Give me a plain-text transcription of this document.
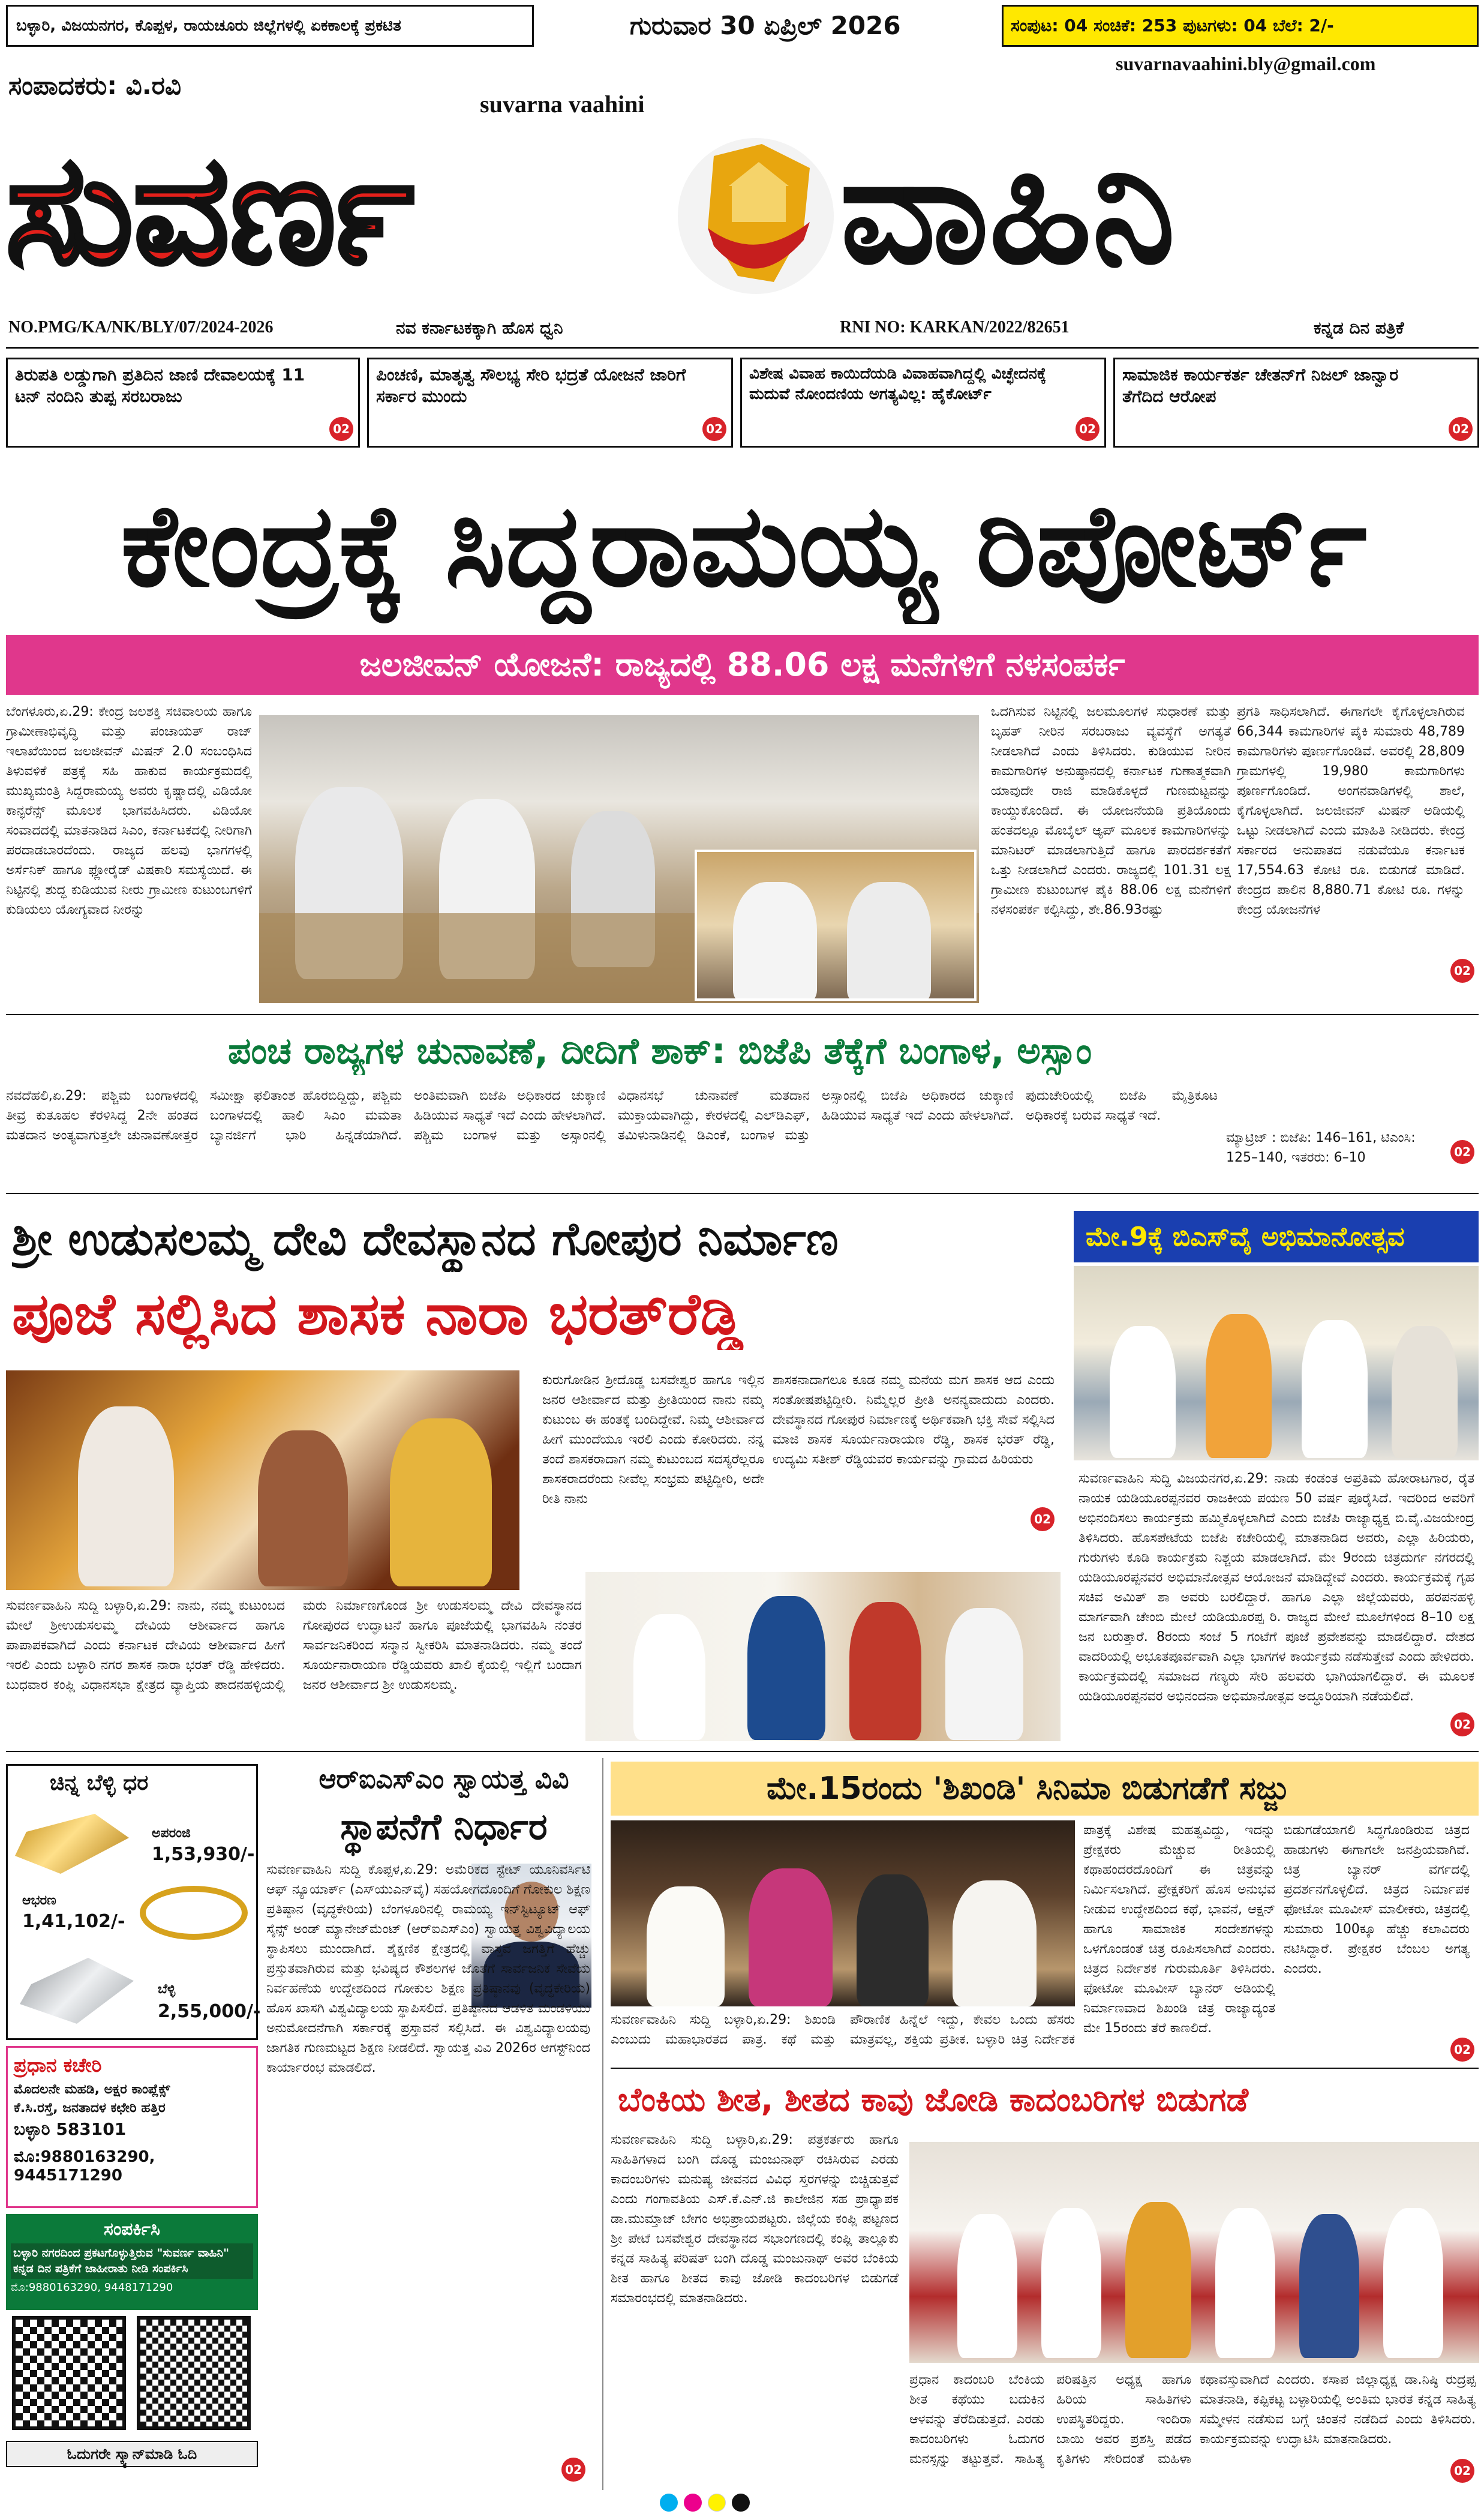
ಬಳ್ಳಾರಿ, ವಿಜಯನಗರ, ಕೊಪ್ಪಳ, ರಾಯಚೂರು ಜಿಲ್ಲೆಗಳಲ್ಲಿ ಏಕಕಾಲಕ್ಕೆ ಪ್ರಕಟಿತ	ಗುರುವಾರ 30 ಏಪ್ರಿಲ್ 2026	ಸಂಪುಟ: 04 ಸಂಚಿಕೆ: 253 ಪುಟಗಳು: 04 ಬೆಲೆ: 2/-
suvarnavaahini.bly@gmail.com
ಸಂಪಾದಕರು: ವಿ.ರವಿ
suvarna vaahini
ಸುವರ್ಣ	ವಾಹಿನಿ
NO.PMG/KA/NK/BLY/07/2024-2026	ನವ ಕರ್ನಾಟಕಕ್ಕಾಗಿ ಹೊಸ ಧ್ವನಿ	RNI NO: KARKAN/2022/82651	ಕನ್ನಡ ದಿನ ಪತ್ರಿಕೆ
ತಿರುಪತಿ ಲಡ್ಡುಗಾಗಿ ಪ್ರತಿದಿನ ಜಾಣಿ ದೇವಾಲಯಕ್ಕೆ 11 ಟನ್ ನಂದಿನಿ ತುಪ್ಪ ಸರಬರಾಜು
02
ಪಿಂಚಣಿ, ಮಾತೃತ್ವ ಸೌಲಭ್ಯ ಸೇರಿ ಭದ್ರತೆ ಯೋಜನೆ ಜಾರಿಗೆ ಸರ್ಕಾರ ಮುಂದು
02
ವಿಶೇಷ ವಿವಾಹ ಕಾಯಿದೆಯಡಿ ವಿವಾಹವಾಗಿದ್ದಲ್ಲಿ ವಿಚ್ಛೇದನಕ್ಕೆ ಮದುವೆ ನೋಂದಣಿಯ ಅಗತ್ಯವಿಲ್ಲ: ಹೈಕೋರ್ಟ್
02
ಸಾಮಾಜಿಕ ಕಾರ್ಯಕರ್ತ ಚೇತನ್‌ಗೆ ನಿಜಲ್ ಜಾನ್ವಾರ ತೆಗೆದಿದ ಆರೋಪ
02
ಕೇಂದ್ರಕ್ಕೆ ಸಿದ್ದರಾಮಯ್ಯ ರಿಪೋರ್ಟ್
ಜಲಜೀವನ್ ಯೋಜನೆ: ರಾಜ್ಯದಲ್ಲಿ 88.06 ಲಕ್ಷ ಮನೆಗಳಿಗೆ ನಳಸಂಪರ್ಕ
ಬೆಂಗಳೂರು,ಏ.29: ಕೇಂದ್ರ ಜಲಶಕ್ತಿ ಸಚಿವಾಲಯ ಹಾಗೂ ಗ್ರಾಮೀಣಾಭಿವೃದ್ಧಿ ಮತ್ತು ಪಂಚಾಯತ್ ರಾಜ್ ಇಲಾಖೆಯಿಂದ ಜಲಜೀವನ್ ಮಿಷನ್ 2.0 ಸಂಬಂಧಿಸಿದ ತಿಳುವಳಿಕೆ ಪತ್ರಕ್ಕೆ ಸಹಿ ಹಾಕುವ ಕಾರ್ಯಕ್ರಮದಲ್ಲಿ ಮುಖ್ಯಮಂತ್ರಿ ಸಿದ್ದರಾಮಯ್ಯ ಅವರು ಕೃಷ್ಣಾದಲ್ಲಿ ವಿಡಿಯೋ ಕಾನ್ಫರೆನ್ಸ್ ಮೂಲಕ ಭಾಗವಹಿಸಿದರು. ವಿಡಿಯೋ ಸಂವಾದದಲ್ಲಿ ಮಾತನಾಡಿದ ಸಿಎಂ, ಕರ್ನಾಟಕದಲ್ಲಿ ನೀರಿಗಾಗಿ ಪರದಾಡಬಾರದೆಂದು. ರಾಜ್ಯದ ಹಲವು ಭಾಗಗಳಲ್ಲಿ ಅರ್ಸೆನಿಕ್ ಹಾಗೂ ಫ್ಲೋರೈಡ್ ವಿಷಕಾರಿ ಸಮಸ್ಯೆಯಿದೆ. ಈ ನಿಟ್ಟಿನಲ್ಲಿ ಶುದ್ಧ ಕುಡಿಯುವ ನೀರು ಗ್ರಾಮೀಣ ಕುಟುಂಬಗಳಿಗೆ ಕುಡಿಯಲು ಯೋಗ್ಯವಾದ ನೀರನ್ನು
ಒದಗಿಸುವ ನಿಟ್ಟಿನಲ್ಲಿ ಜಲಮೂಲಗಳ ಸುಧಾರಣೆ ಮತ್ತು ಬೃಹತ್ ನೀರಿನ ಸರಬರಾಜು ವ್ಯವಸ್ಥೆಗೆ ಅಗತ್ಯತೆ ನೀಡಲಾಗಿದೆ ಎಂದು ತಿಳಿಸಿದರು. ಕುಡಿಯುವ ನೀರಿನ ಕಾಮಗಾರಿಗಳ ಅನುಷ್ಠಾನದಲ್ಲಿ ಕರ್ನಾಟಕ ಗುಣಾತ್ಮಕವಾಗಿ ಯಾವುದೇ ರಾಜಿ ಮಾಡಿಕೊಳ್ಳದೆ ಗುಣಮಟ್ಟವನ್ನು ಕಾಯ್ದುಕೊಂಡಿದೆ. ಈ ಯೋಜನೆಯಡಿ ಪ್ರತಿಯೊಂದು ಹಂತದಲ್ಲೂ ಮೊಬೈಲ್ ಆ್ಯಪ್ ಮೂಲಕ ಕಾಮಗಾರಿಗಳನ್ನು ಮಾನಿಟರ್ ಮಾಡಲಾಗುತ್ತಿದೆ ಹಾಗೂ ಪಾರದರ್ಶಕತೆಗೆ ಒತ್ತು ನೀಡಲಾಗಿದೆ ಎಂದರು. ರಾಜ್ಯದಲ್ಲಿ 101.31 ಲಕ್ಷ ಗ್ರಾಮೀಣ ಕುಟುಂಬಗಳ ಪೈಕಿ 88.06 ಲಕ್ಷ ಮನೆಗಳಿಗೆ ನಳಸಂಪರ್ಕ ಕಲ್ಪಿಸಿದ್ದು, ಶೇ.86.93ರಷ್ಟು
ಪ್ರಗತಿ ಸಾಧಿಸಲಾಗಿದೆ. ಈಗಾಗಲೇ ಕೈಗೊಳ್ಳಲಾಗಿರುವ 66,344 ಕಾಮಗಾರಿಗಳ ಪೈಕಿ ಸುಮಾರು 48,789 ಕಾಮಗಾರಿಗಳು ಪೂರ್ಣಗೊಂಡಿವೆ. ಅವರಲ್ಲಿ 28,809 ಗ್ರಾಮಗಳಲ್ಲಿ 19,980 ಕಾಮಗಾರಿಗಳು ಪೂರ್ಣಗೊಂಡಿದೆ. ಅಂಗನವಾಡಿಗಳಲ್ಲಿ ಶಾಲೆ, ಕೈಗೊಳ್ಳಲಾಗಿದೆ. ಜಲಜೀವನ್ ಮಿಷನ್ ಅಡಿಯಲ್ಲಿ ಒಟ್ಟು ನೀಡಲಾಗಿದೆ ಎಂದು ಮಾಹಿತಿ ನೀಡಿದರು. ಕೇಂದ್ರ ಸರ್ಕಾರದ ಅನುಪಾತದ ನಡುವೆಯೂ ಕರ್ನಾಟಕ 17,554.63 ಕೋಟಿ ರೂ. ಬಿಡುಗಡೆ ಮಾಡಿದೆ. ಕೇಂದ್ರದ ಪಾಲಿನ 8,880.71 ಕೋಟಿ ರೂ. ಗಳನ್ನು ಕೇಂದ್ರ ಯೋಜನೆಗಳ
02
ಪಂಚ ರಾಜ್ಯಗಳ ಚುನಾವಣೆ, ದೀದಿಗೆ ಶಾಕ್: ಬಿಜೆಪಿ ತೆಕ್ಕೆಗೆ ಬಂಗಾಳ, ಅಸ್ಸಾಂ
ನವದೆಹಲಿ,ಏ.29: ಪಶ್ಚಿಮ ಬಂಗಾಳದಲ್ಲಿ ತೀವ್ರ ಕುತೂಹಲ ಕೆರಳಿಸಿದ್ದ 2ನೇ ಹಂತದ ಮತದಾನ ಅಂತ್ಯವಾಗುತ್ತಲೇ ಚುನಾವಣೋತ್ತರ ಸಮೀಕ್ಷಾ ಫಲಿತಾಂಶ ಹೊರಬಿದ್ದಿದ್ದು, ಪಶ್ಚಿಮ ಬಂಗಾಳದಲ್ಲಿ ಹಾಲಿ ಸಿಎಂ ಮಮತಾ ಬ್ಯಾನರ್ಜಿಗೆ ಭಾರಿ ಹಿನ್ನಡೆಯಾಗಿದೆ. ಅಂತಿಮವಾಗಿ ಬಿಜೆಪಿ ಅಧಿಕಾರದ ಚುಕ್ಕಾಣಿ ಹಿಡಿಯುವ ಸಾಧ್ಯತೆ ಇದೆ ಎಂದು ಹೇಳಲಾಗಿದೆ. ಪಶ್ಚಿಮ ಬಂಗಾಳ ಮತ್ತು ಅಸ್ಸಾಂನಲ್ಲಿ ವಿಧಾನಸಭೆ ಚುನಾವಣೆ ಮತದಾನ ಮುಕ್ತಾಯವಾಗಿದ್ದು, ಕೇರಳದಲ್ಲಿ ಎಲ್‌ಡಿಎಫ್, ತಮಿಳುನಾಡಿನಲ್ಲಿ ಡಿಎಂಕೆ, ಬಂಗಾಳ ಮತ್ತು ಅಸ್ಸಾಂನಲ್ಲಿ ಬಿಜೆಪಿ ಅಧಿಕಾರದ ಚುಕ್ಕಾಣಿ ಹಿಡಿಯುವ ಸಾಧ್ಯತೆ ಇದೆ ಎಂದು ಹೇಳಲಾಗಿದೆ. ಪುದುಚೇರಿಯಲ್ಲಿ ಬಿಜೆಪಿ ಮೈತ್ರಿಕೂಟ ಅಧಿಕಾರಕ್ಕೆ ಬರುವ ಸಾಧ್ಯತೆ ಇದೆ.
ಮ್ಯಾಟ್ರಿಜ್ : ಬಿಜೆಪಿ: 146–161, ಟಿಎಂಸಿ: 125–140, ಇತರರು: 6–10	02
ಶ್ರೀ ಉಡುಸಲಮ್ಮ ದೇವಿ ದೇವಸ್ಥಾನದ ಗೋಪುರ ನಿರ್ಮಾಣ
ಪೂಜೆ ಸಲ್ಲಿಸಿದ ಶಾಸಕ ನಾರಾ ಭರತ್‌ರೆಡ್ಡಿ
ಕುರುಗೋಡಿನ ಶ್ರೀದೊಡ್ಡ ಬಸವೇಶ್ವರ ಹಾಗೂ ಇಲ್ಲಿನ ಜನರ ಆಶೀರ್ವಾದ ಮತ್ತು ಪ್ರೀತಿಯಿಂದ ನಾನು ನಮ್ಮ ಕುಟುಂಬ ಈ ಹಂತಕ್ಕೆ ಬಂದಿದ್ದೇವೆ. ನಿಮ್ಮ ಆಶೀರ್ವಾದ ಹೀಗೆ ಮುಂದೆಯೂ ಇರಲಿ ಎಂದು ಕೋರಿದರು. ನನ್ನ ತಂದೆ ಶಾಸಕರಾದಾಗ ನಮ್ಮ ಕುಟುಂಬದ ಸದಸ್ಯರೆಲ್ಲರೂ ಶಾಸಕರಾದರೆಂದು ನೀವೆಲ್ಲ ಸಂಭ್ರಮ ಪಟ್ಟಿದ್ದೀರಿ, ಅದೇ ರೀತಿ ನಾನು
ಶಾಸಕನಾದಾಗಲೂ ಕೂಡ ನಮ್ಮ ಮನೆಯ ಮಗ ಶಾಸಕ ಆದ ಎಂದು ಸಂತೋಷಪಟ್ಟಿದ್ದೀರಿ. ನಿಮ್ಮೆಲ್ಲರ ಪ್ರೀತಿ ಅನನ್ಯವಾದುದು ಎಂದರು. ದೇವಸ್ಥಾನದ ಗೋಪುರ ನಿರ್ಮಾಣಕ್ಕೆ ಅರ್ಥಿಕವಾಗಿ ಭಕ್ತಿ ಸೇವೆ ಸಲ್ಲಿಸಿದ ಮಾಜಿ ಶಾಸಕ ಸೂರ್ಯನಾರಾಯಣ ರೆಡ್ಡಿ, ಶಾಸಕ ಭರತ್ ರೆಡ್ಡಿ, ಉದ್ಯಮಿ ಸತೀಶ್ ರೆಡ್ಡಿಯವರ ಕಾರ್ಯವನ್ನು ಗ್ರಾಮದ ಹಿರಿಯರು
02
ಸುವರ್ಣವಾಹಿನಿ ಸುದ್ದಿ ಬಳ್ಳಾರಿ,ಏ.29: ನಾನು, ನಮ್ಮ ಕುಟುಂಬದ ಮೇಲೆ ಶ್ರೀಉಡುಸಲಮ್ಮ ದೇವಿಯ ಆಶೀರ್ವಾದ ಹಾಗೂ ಪಾಪಾಪಕವಾಗಿದೆ ಎಂದು ಕರ್ನಾಟಕ ದೇವಿಯ ಆಶೀರ್ವಾದ ಹೀಗೆ ಇರಲಿ ಎಂದು ಬಳ್ಳಾರಿ ನಗರ ಶಾಸಕ ನಾರಾ ಭರತ್ ರೆಡ್ಡಿ ಹೇಳಿದರು. ಬುಧವಾರ ಕಂಪ್ಲಿ ವಿಧಾನಸಭಾ ಕ್ಷೇತ್ರದ ವ್ಯಾಪ್ತಿಯ ಪಾದನಹಳ್ಳಿಯಲ್ಲಿ ಮರು ನಿರ್ಮಾಣಗೊಂಡ ಶ್ರೀ ಉಡುಸಲಮ್ಮ ದೇವಿ ದೇವಸ್ಥಾನದ ಗೋಪುರದ ಉದ್ಘಾಟನೆ ಹಾಗೂ ಪೂಜೆಯಲ್ಲಿ ಭಾಗವಹಿಸಿ ನಂತರ ಸಾರ್ವಜನಿಕರಿಂದ ಸನ್ಮಾನ ಸ್ವೀಕರಿಸಿ ಮಾತನಾಡಿದರು. ನಮ್ಮ ತಂದೆ ಸೂರ್ಯನಾರಾಯಣ ರೆಡ್ಡಿಯವರು ಖಾಲಿ ಕೈಯಲ್ಲಿ ಇಲ್ಲಿಗೆ ಬಂದಾಗ ಜನರ ಆಶೀರ್ವಾದ ಶ್ರೀ ಉಡುಸಲಮ್ಮ.
ಮೇ.9ಕ್ಕೆ ಬಿಎಸ್‌ವೈ ಅಭಿಮಾನೋತ್ಸವ
ಸುವರ್ಣವಾಹಿನಿ ಸುದ್ದಿ ವಿಜಯನಗರ,ಏ.29: ನಾಡು ಕಂಡಂತ ಅಪ್ರತಿಮ ಹೋರಾಟಗಾರ, ರೈತ ನಾಯಕ ಯಡಿಯೂರಪ್ಪನವರ ರಾಜಕೀಯ ಪಯಣ 50 ವರ್ಷ ಪೂರೈಸಿದೆ. ಇದರಿಂದ ಅವರಿಗೆ ಅಭಿನಂದಿಸಲು ಕಾರ್ಯಕ್ರಮ ಹಮ್ಮಿಕೊಳ್ಳಲಾಗಿದೆ ಎಂದು ಬಿಜೆಪಿ ರಾಜ್ಯಾಧ್ಯಕ್ಷ ಬಿ.ವೈ.ವಿಜಯೇಂದ್ರ ತಿಳಿಸಿದರು. ಹೊಸಪೇಟೆಯ ಬಿಜೆಪಿ ಕಚೇರಿಯಲ್ಲಿ ಮಾತನಾಡಿದ ಅವರು, ಎಲ್ಲಾ ಹಿರಿಯರು, ಗುರುಗಳು ಕೂಡಿ ಕಾರ್ಯಕ್ರಮ ನಿಶ್ಚಯ ಮಾಡಲಾಗಿದೆ. ಮೇ 9ರಂದು ಚಿತ್ರದುರ್ಗ ನಗರದಲ್ಲಿ ಯಡಿಯೂರಪ್ಪನವರ ಅಭಿಮಾನೋತ್ಸವ ಆಯೋಜನೆ ಮಾಡಿದ್ದೇವೆ ಎಂದರು. ಕಾರ್ಯಕ್ರಮಕ್ಕೆ ಗೃಹ ಸಚಿವ ಅಮಿತ್ ಶಾ ಅವರು ಬರಲಿದ್ದಾರೆ. ಹಾಗೂ ಎಲ್ಲಾ ಜಿಲ್ಲೆಯವರು, ಹರಪನಹಳ್ಳಿ ಮಾರ್ಗವಾಗಿ ಚೇಂಬಿ ಮೇಲೆ ಯಡಿಯೂರಪ್ಪ ರಿ. ರಾಜ್ಯದ ಮೇಲೆ ಮೂಲೆಗಳಿಂದ 8–10 ಲಕ್ಷ ಜನ ಬರುತ್ತಾರೆ. 8ರಂದು ಸಂಜೆ 5 ಗಂಟೆಗೆ ಪೂಜೆ ಪ್ರವೇಶವನ್ನು ಮಾಡಲಿದ್ದಾರೆ. ದೇಶದ ವಾದರಿಯಲ್ಲಿ ಅಭೂತಪೂರ್ವವಾಗಿ ಎಲ್ಲಾ ಭಾಗಗಳ ಕಾರ್ಯಕ್ರಮ ನಡೆಸುತ್ತೇವೆ ಎಂದು ಹೇಳಿದರು. ಕಾರ್ಯಕ್ರಮದಲ್ಲಿ ಸಮಾಜದ ಗಣ್ಯರು ಸೇರಿ ಹಲವರು ಭಾಗಿಯಾಗಲಿದ್ದಾರೆ. ಈ ಮೂಲಕ ಯಡಿಯೂರಪ್ಪನವರ ಅಭಿನಂದನಾ ಅಭಿಮಾನೋತ್ಸವ ಅದ್ಧೂರಿಯಾಗಿ ನಡೆಯಲಿದೆ.
02
ಚಿನ್ನ ಬೆಳ್ಳಿ ಧರ
ಅಪರಂಜಿ
1,53,930/-
ಆಭರಣ
1,41,102/-
ಬೆಳ್ಳಿ
2,55,000/-
ಪ್ರಧಾನ ಕಚೇರಿ
ಮೊದಲನೇ ಮಹಡಿ, ಅಕ್ಷರ ಕಾಂಪ್ಲೆಕ್ಸ್
ಕೆ.ಸಿ.ರಸ್ತೆ, ಜನತಾದಳ ಕಛೇರಿ ಹತ್ತಿರ
ಬಳ್ಳಾರಿ 583101
ಮೊ:9880163290, 9445171290
ಸಂಪರ್ಕಿಸಿ
ಬಳ್ಳಾರಿ ನಗರದಿಂದ ಪ್ರಕಟಗೊಳ್ಳುತ್ತಿರುವ "ಸುವರ್ಣ ವಾಹಿನಿ" ಕನ್ನಡ ದಿನ ಪತ್ರಿಕೆಗೆ ಜಾಹೀರಾತು ನೀಡಿ ಸಂಪರ್ಕಿಸಿ
ಮೊ:9880163290, 9448171290
ಓದುಗರೇ ಸ್ಕ್ಯಾನ್‌ಮಾಡಿ ಓದಿ
ಆರ್‌ಐಎಸ್‌ಎಂ ಸ್ವಾಯತ್ತ ವಿವಿ
ಸ್ಥಾಪನೆಗೆ ನಿರ್ಧಾರ
ಸುವರ್ಣವಾಹಿನಿ ಸುದ್ದಿ ಕೊಪ್ಪಳ,ಏ.29: ಅಮೆರಿಕದ ಸ್ಟೇಟ್ ಯೂನಿವರ್ಸಿಟಿ ಆಫ್ ನ್ಯೂಯಾರ್ಕ್ (ಎಸ್‌ಯುಎನ್‌ವೈ) ಸಹಯೋಗದೊಂದಿಗೆ ಗೋಕುಲ ಶಿಕ್ಷಣ ಪ್ರತಿಷ್ಠಾನ (ವೃದ್ಧಕೇರಿಯ) ಬೆಂಗಳೂರಿನಲ್ಲಿ ರಾಮಯ್ಯ ಇನ್‌ಸ್ಟಿಟ್ಯೂಟ್ ಆಫ್ ಸೈನ್ಸ್ ಅಂಡ್ ಮ್ಯಾನೇಜ್‌ಮೆಂಟ್ (ಆರ್‌ಐಎಸ್‌ಎಂ) ಸ್ವಾಯತ್ತ ವಿಶ್ವವಿದ್ಯಾಲಯ ಸ್ಥಾಪಿಸಲು ಮುಂದಾಗಿದೆ. ಶೈಕ್ಷಣಿಕ ಕ್ಷೇತ್ರದಲ್ಲಿ ವಾಸ್ತವ ಜಗತ್ತಿಗೆ ಹೆಚ್ಚು ಪ್ರಸ್ತುತವಾಗಿರುವ ಮತ್ತು ಭವಿಷ್ಯದ ಕೌಶಲಗಳ ಜೊತೆಗೆ ಸಾರ್ವಜನಿಕ ಸೇವೆಯ ನಿರ್ವಹಣೆಯ ಉದ್ದೇಶದಿಂದ ಗೋಕುಲ ಶಿಕ್ಷಣ ಪ್ರತಿಷ್ಠಾನವು (ವೃದ್ಧಕೇರಿಯ) ಹೊಸ ಖಾಸಗಿ ವಿಶ್ವವಿದ್ಯಾಲಯ ಸ್ಥಾಪಿಸಲಿದೆ. ಪ್ರತಿಷ್ಠಾನದ ಆಡಳಿತ ಮಂಡಳಿಯು ಅನುಮೋದನೆಗಾಗಿ ಸರ್ಕಾರಕ್ಕೆ ಪ್ರಸ್ತಾವನೆ ಸಲ್ಲಿಸಿದೆ. ಈ ವಿಶ್ವವಿದ್ಯಾಲಯವು ಜಾಗತಿಕ ಗುಣಮಟ್ಟದ ಶಿಕ್ಷಣ ನೀಡಲಿದೆ. ಸ್ವಾಯತ್ತ ವಿವಿ 2026ರ ಆಗಸ್ಟ್‌ನಿಂದ ಕಾರ್ಯಾರಂಭ ಮಾಡಲಿದೆ.
02
ಮೇ.15ರಂದು 'ಶಿಖಂಡಿ' ಸಿನಿಮಾ ಬಿಡುಗಡೆಗೆ ಸಜ್ಜು
ಪಾತ್ರಕ್ಕೆ ವಿಶೇಷ ಮಹತ್ವವಿದ್ದು, ಇದನ್ನು ಪ್ರೇಕ್ಷಕರು ಮೆಚ್ಚುವ ರೀತಿಯಲ್ಲಿ ಕಥಾಹಂದರದೊಂದಿಗೆ ಈ ಚಿತ್ರವನ್ನು ನಿರ್ಮಿಸಲಾಗಿದೆ. ಪ್ರೇಕ್ಷಕರಿಗೆ ಹೊಸ ಅನುಭವ ನೀಡುವ ಉದ್ದೇಶದಿಂದ ಕಥೆ, ಭಾವನೆ, ಆಕ್ಷನ್ ಹಾಗೂ ಸಾಮಾಜಿಕ ಸಂದೇಶಗಳನ್ನು ಒಳಗೊಂಡಂತೆ ಚಿತ್ರ ರೂಪಿಸಲಾಗಿದೆ ಎಂದರು. ಚಿತ್ರದ ನಿರ್ದೇಶಕ ಗುರುಮೂರ್ತಿ ತಿಳಿಸಿದರು. ಫೋಟೋ ಮೂವೀಸ್ ಬ್ಯಾನರ್ ಅಡಿಯಲ್ಲಿ ನಿರ್ಮಾಣವಾದ ಶಿಖಂಡಿ ಚಿತ್ರ ರಾಜ್ಯಾದ್ಯಂತ ಮೇ 15ರಂದು ತೆರೆ ಕಾಣಲಿದೆ.
ಬಿಡುಗಡೆಯಾಗಲಿ ಸಿದ್ಧಗೊಂಡಿರುವ ಚಿತ್ರದ ಹಾಡುಗಳು ಈಗಾಗಲೇ ಜನಪ್ರಿಯವಾಗಿವೆ. ಚಿತ್ರ ಬ್ಯಾನರ್ ವರ್ಗದಲ್ಲಿ ಪ್ರದರ್ಶನಗೊಳ್ಳಲಿದೆ. ಚಿತ್ರದ ನಿರ್ಮಾಪಕ ಫೋಟೋ ಮೂವೀಸ್ ಮಾಲೀಕರು, ಚಿತ್ರದಲ್ಲಿ ಸುಮಾರು 100ಕ್ಕೂ ಹೆಚ್ಚು ಕಲಾವಿದರು ನಟಿಸಿದ್ದಾರೆ. ಪ್ರೇಕ್ಷಕರ ಬೆಂಬಲ ಅಗತ್ಯ ಎಂದರು.
ಸುವರ್ಣವಾಹಿನಿ ಸುದ್ದಿ ಬಳ್ಳಾರಿ,ಏ.29: ಶಿಖಂಡಿ ಎಂಬುದು ಮಹಾಭಾರತದ ಪಾತ್ರ. ಕಥೆ ಮತ್ತು ಪೌರಾಣಿಕ ಹಿನ್ನೆಲೆ ಇದ್ದು, ಕೇವಲ ಒಂದು ಹೆಸರು ಮಾತ್ರವಲ್ಲ, ಶಕ್ತಿಯ ಪ್ರತೀಕ. ಬಳ್ಳಾರಿ ಚಿತ್ರ ನಿರ್ದೇಶಕ
02
ಬೆಂಕಿಯ ಶೀತ, ಶೀತದ ಕಾವು ಜೋಡಿ ಕಾದಂಬರಿಗಳ ಬಿಡುಗಡೆ
ಸುವರ್ಣವಾಹಿನಿ ಸುದ್ದಿ ಬಳ್ಳಾರಿ,ಏ.29: ಪತ್ರಕರ್ತರು ಹಾಗೂ ಸಾಹಿತಿಗಳಾದ ಬಂಗಿ ದೊಡ್ಡ ಮಂಜುನಾಥ್ ರಚಿಸಿರುವ ಎರಡು ಕಾದಂಬರಿಗಳು ಮನುಷ್ಯ ಜೀವನದ ವಿವಿಧ ಸ್ತರಗಳನ್ನು ಬಿಚ್ಚಿಡುತ್ತವೆ ಎಂದು ಗಂಗಾವತಿಯ ಎಸ್.ಕೆ.ಎನ್.ಜಿ ಕಾಲೇಜಿನ ಸಹ ಪ್ರಾಧ್ಯಾಪಕ ಡಾ.ಮುಮ್ತಾಜ್ ಬೇಗಂ ಅಭಿಪ್ರಾಯಪಟ್ಟರು. ಜಿಲ್ಲೆಯ ಕಂಪ್ಲಿ ಪಟ್ಟಣದ ಶ್ರೀ ಪೇಟೆ ಬಸವೇಶ್ವರ ದೇವಸ್ಥಾನದ ಸಭಾಂಗಣದಲ್ಲಿ ಕಂಪ್ಲಿ ತಾಲ್ಲೂಕು ಕನ್ನಡ ಸಾಹಿತ್ಯ ಪರಿಷತ್ ಬಂಗಿ ದೊಡ್ಡ ಮಂಜುನಾಥ್ ಅವರ ಬೆಂಕಿಯ ಶೀತ ಹಾಗೂ ಶೀತದ ಕಾವು ಜೋಡಿ ಕಾದಂಬರಿಗಳ ಬಿಡುಗಡೆ ಸಮಾರಂಭದಲ್ಲಿ ಮಾತನಾಡಿದರು.
ಪ್ರಧಾನ ಕಾದಂಬರಿ ಬೆಂಕಿಯ ಶೀತ ಕಥೆಯು ಬದುಕಿನ ಆಳವನ್ನು ತೆರೆದಿಡುತ್ತದೆ. ಎರಡು ಕಾದಂಬರಿಗಳು ಓದುಗರ ಮನಸ್ಸನ್ನು ತಟ್ಟುತ್ತವೆ. ಸಾಹಿತ್ಯ ಪರಿಷತ್ತಿನ ಅಧ್ಯಕ್ಷ ಹಾಗೂ ಹಿರಿಯ ಸಾಹಿತಿಗಳು ಉಪಸ್ಥಿತರಿದ್ದರು. ಇಂದಿರಾ ಬಾಯಿ ಅವರ ಪ್ರಶಸ್ತಿ ಪಡೆದ ಕೃತಿಗಳು ಸೇರಿದಂತೆ ಮಹಿಳಾ
ಕಥಾವಸ್ತುವಾಗಿದೆ ಎಂದರು. ಕಸಾಪ ಜಿಲ್ಲಾಧ್ಯಕ್ಷ ಡಾ.ನಿಷ್ಠಿ ರುದ್ರಪ್ಪ ಮಾತನಾಡಿ, ಕಪ್ಪಿಕಟ್ಟ ಬಳ್ಳಾರಿಯಲ್ಲಿ ಅಂತಿಮ ಭಾರತ ಕನ್ನಡ ಸಾಹಿತ್ಯ ಸಮ್ಮೇಳನ ನಡೆಸುವ ಬಗ್ಗೆ ಚಿಂತನೆ ನಡೆದಿದೆ ಎಂದು ತಿಳಿಸಿದರು. ಕಾರ್ಯಕ್ರಮವನ್ನು ಉದ್ಘಾಟಿಸಿ ಮಾತನಾಡಿದರು.
02
